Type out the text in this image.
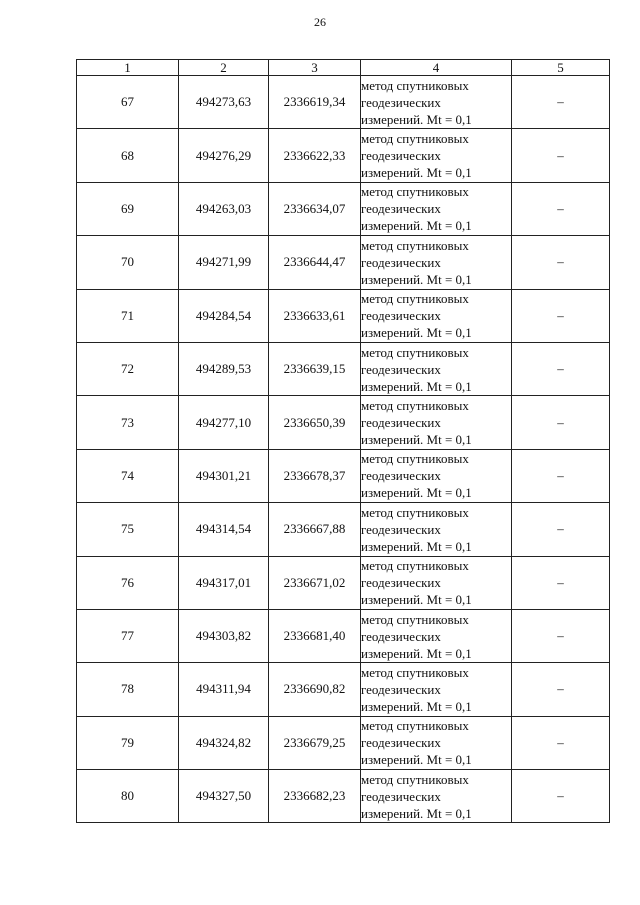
26
1	2	3	4	5
67	494273,63	2336619,34	метод спутниковых
геодезических
измерений. Mt = 0,1	–
68	494276,29	2336622,33	метод спутниковых
геодезических
измерений. Mt = 0,1	–
69	494263,03	2336634,07	метод спутниковых
геодезических
измерений. Mt = 0,1	–
70	494271,99	2336644,47	метод спутниковых
геодезических
измерений. Mt = 0,1	–
71	494284,54	2336633,61	метод спутниковых
геодезических
измерений. Mt = 0,1	–
72	494289,53	2336639,15	метод спутниковых
геодезических
измерений. Mt = 0,1	–
73	494277,10	2336650,39	метод спутниковых
геодезических
измерений. Mt = 0,1	–
74	494301,21	2336678,37	метод спутниковых
геодезических
измерений. Mt = 0,1	–
75	494314,54	2336667,88	метод спутниковых
геодезических
измерений. Mt = 0,1	–
76	494317,01	2336671,02	метод спутниковых
геодезических
измерений. Mt = 0,1	–
77	494303,82	2336681,40	метод спутниковых
геодезических
измерений. Mt = 0,1	–
78	494311,94	2336690,82	метод спутниковых
геодезических
измерений. Mt = 0,1	–
79	494324,82	2336679,25	метод спутниковых
геодезических
измерений. Mt = 0,1	–
80	494327,50	2336682,23	метод спутниковых
геодезических
измерений. Mt = 0,1	–
